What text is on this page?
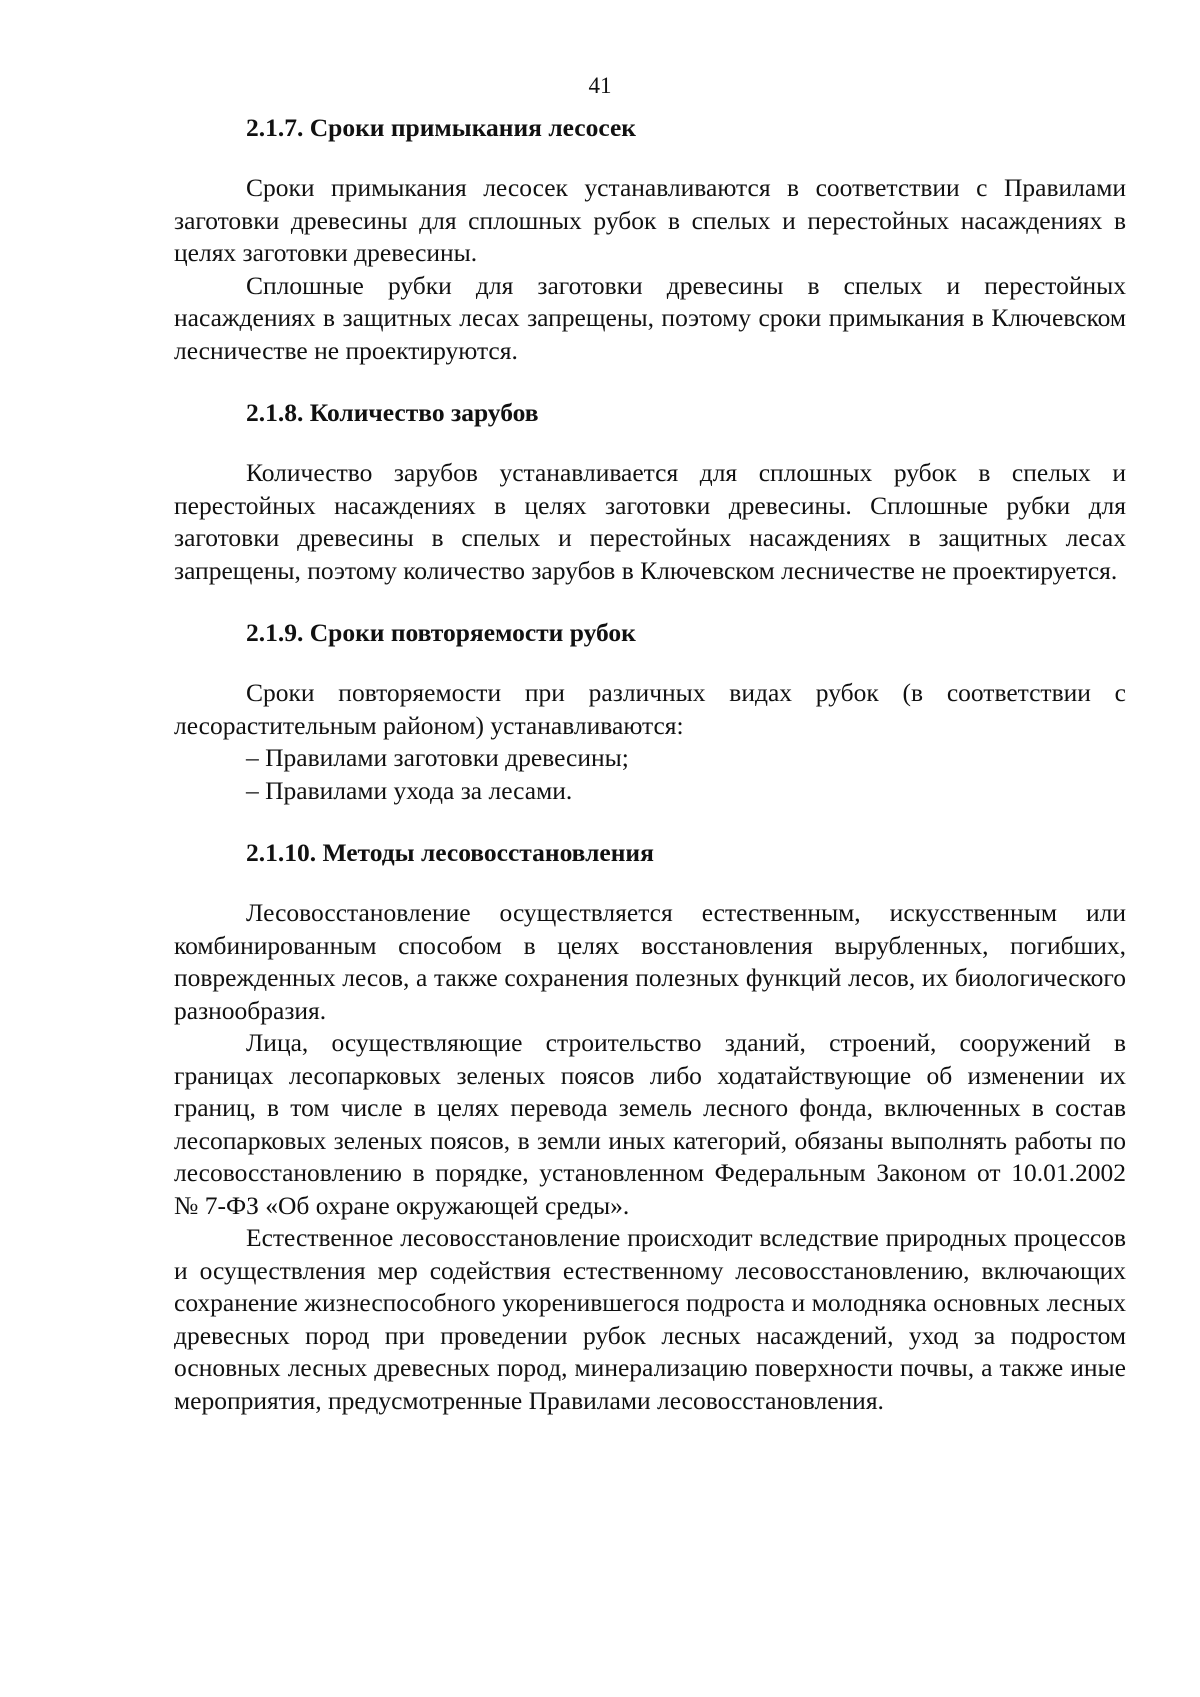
41
2.1.7. Сроки примыкания лесосек

Сроки примыкания лесосек устанавливаются в соответствии с Правилами заготовки древесины для сплошных рубок в спелых и перестойных насаждениях в целях заготовки древесины.

Сплошные рубки для заготовки древесины в спелых и перестойных насаждениях в защитных лесах запрещены, поэтому сроки примыкания в Ключевском лесничестве не проектируются.

2.1.8. Количество зарубов

Количество зарубов устанавливается для сплошных рубок в спелых и перестойных насаждениях в целях заготовки древесины. Сплошные рубки для заготовки древесины в спелых и перестойных насаждениях в защитных лесах запрещены, поэтому количество зарубов в Ключевском лесничестве не проектируется.

2.1.9. Сроки повторяемости рубок

Сроки повторяемости при различных видах рубок (в соответствии с лесорастительным районом) устанавливаются:

– Правилами заготовки древесины;

– Правилами ухода за лесами.

2.1.10. Методы лесовосстановления

Лесовосстановление осуществляется естественным, искусственным или комбинированным способом в целях восстановления вырубленных, погибших, поврежденных лесов, а также сохранения полезных функций лесов, их биологического разнообразия.

Лица, осуществляющие строительство зданий, строений, сооружений в границах лесопарковых зеленых поясов либо ходатайствующие об изменении их границ, в том числе в целях перевода земель лесного фонда, включенных в состав лесопарковых зеленых поясов, в земли иных категорий, обязаны выполнять работы по лесовосстановлению в порядке, установленном Федеральным Законом от 10.01.2002 № 7-ФЗ «Об охране окружающей среды».

Естественное лесовосстановление происходит вследствие природных процессов и осуществления мер содействия естественному лесовосстановлению, включающих сохранение жизнеспособного укоренившегося подроста и молодняка основных лесных древесных пород при проведении рубок лесных насаждений, уход за подростом основных лесных древесных пород, минерализацию поверхности почвы, а также иные мероприятия, предусмотренные Правилами лесовосстановления.
